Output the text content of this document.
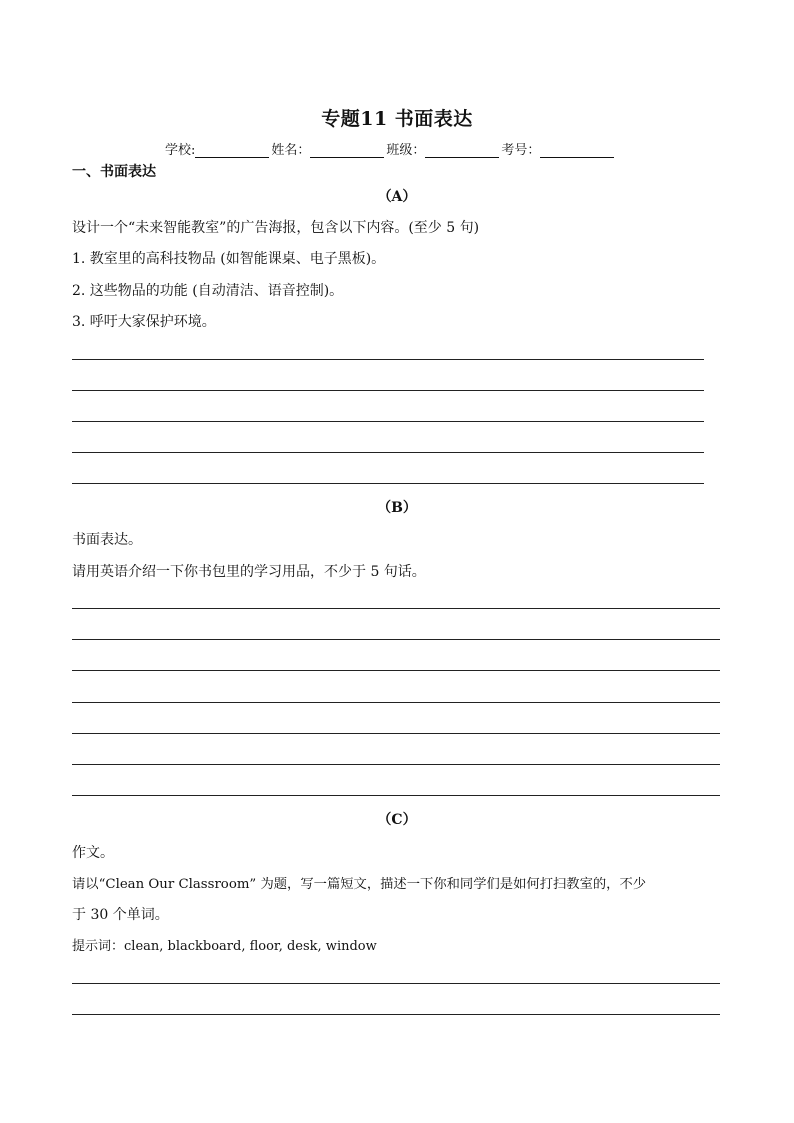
专题11 书面表达
学校:	姓名：	班级：	考号：
一、书面表达
（A）
设计一个“未来智能教室”的广告海报，包含以下内容。(至少 5 句)
1. 教室里的高科技物品 (如智能课桌、电子黑板)。
2. 这些物品的功能 (自动清洁、语音控制)。
3. 呼吁大家保护环境。
（B）
书面表达。
请用英语介绍一下你书包里的学习用品，不少于 5 句话。
（C）
作文。
请以“Clean Our Classroom” 为题，写一篇短文，描述一下你和同学们是如何打扫教室的，不少
于 30 个单词。
提示词：clean, blackboard, floor, desk, window
